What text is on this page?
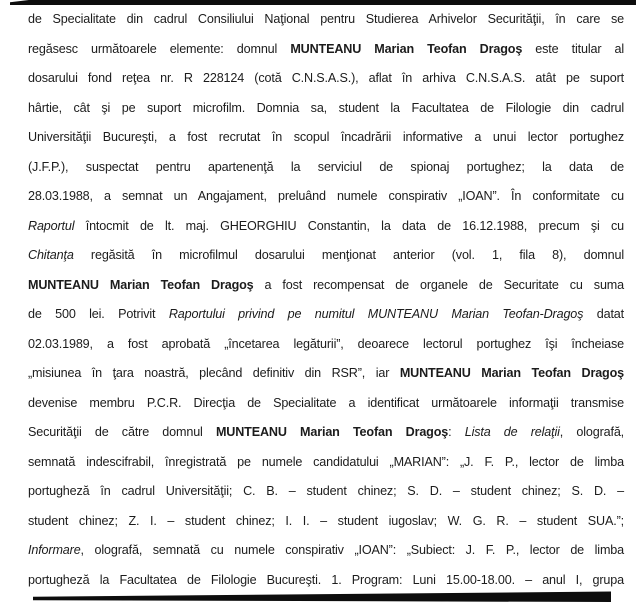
de Specialitate din cadrul Consiliului Naţional pentru Studierea Arhivelor Securităţii, în care se
regăsesc următoarele elemente: domnul MUNTEANU Marian Teofan Dragoş este titular al
dosarului fond reţea nr. R 228124 (cotă C.N.S.A.S.), aflat în arhiva C.N.S.A.S. atât pe suport
hârtie, cât şi pe suport microfilm. Domnia sa, student la Facultatea de Filologie din cadrul
Universităţii Bucureşti, a fost recrutat în scopul încadrării informative a unui lector portughez
(J.F.P.), suspectat pentru apartenenţă la serviciul de spionaj portughez; la data de
28.03.1988, a semnat un Angajament, preluând numele conspirativ „IOAN”. În conformitate cu
Raportul întocmit de lt. maj. GHEORGHIU Constantin, la data de 16.12.1988, precum şi cu
Chitanţa regăsită în microfilmul dosarului menţionat anterior (vol. 1, fila 8), domnul
MUNTEANU Marian Teofan Dragoş a fost recompensat de organele de Securitate cu suma
de 500 lei. Potrivit Raportului privind pe numitul MUNTEANU Marian Teofan-Dragoş datat
02.03.1989, a fost aprobată „încetarea legăturii”, deoarece lectorul portughez îşi încheiase
„misiunea în ţara noastră, plecând definitiv din RSR”, iar MUNTEANU Marian Teofan Dragoş
devenise membru P.C.R. Direcţia de Specialitate a identificat următoarele informaţii transmise
Securităţii de către domnul MUNTEANU Marian Teofan Dragoş: Lista de relaţii, olografă,
semnată indescifrabil, înregistrată pe numele candidatului „MARIAN”: „J. F. P., lector de limba
portugheză în cadrul Universităţii; C. B. – student chinez; S. D. – student chinez; S. D. –
student chinez; Z. I. – student chinez; I. I. – student iugoslav; W. G. R. – student SUA.”;
Informare, olografă, semnată cu numele conspirativ „IOAN”: „Subiect: J. F. P., lector de limba
portugheză la Facultatea de Filologie Bucureşti. 1. Program: Luni 15.00-18.00. – anul I, grupa
